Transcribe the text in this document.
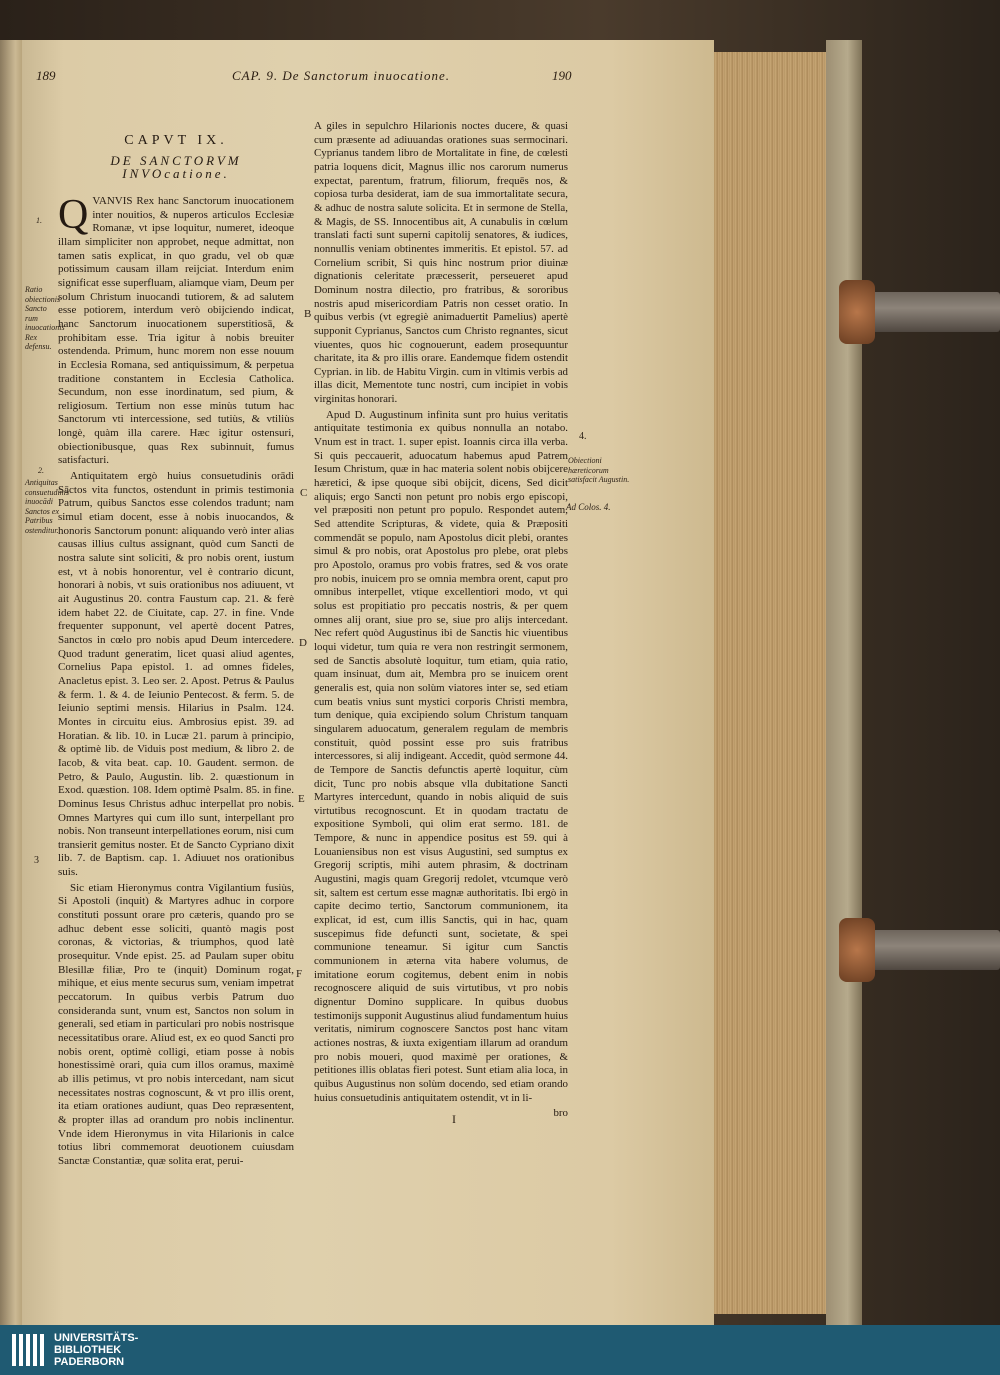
189	CAP. 9. De Sanctorum inuocatione.	190
CAPVT IX.
DE SANCTORVM INVOcatione.

QVANVIS Rex hanc Sanctorum inuocationem inter nouitios, & nuperos articulos Ecclesiæ Romanæ, vt ipse loquitur, numeret, ideoque illam simpliciter non approbet, neque admittat, non tamen satis explicat, in quo gradu, vel ob quæ potissimum causam illam reijciat. Interdum enim significat esse superfluam, aliamque viam, Deum per solum Christum inuocandi tutiorem, & ad salutem esse potiorem, interdum verò obijciendo indicat, hanc Sanctorum inuocationem superstitiosā, & prohibitam esse. Tria igitur à nobis breuiter ostendenda. Primum, hunc morem non esse nouum in Ecclesia Romana, sed antiquissimum, & perpetua traditione constantem in Ecclesia Catholica. Secundum, non esse inordinatum, sed pium, & religiosum. Tertium non esse minùs tutum hac Sanctorum vti intercessione, sed tutiùs, & vtiliùs longè, quàm illa carere. Hæc igitur ostensuri, obiectionibusque, quas Rex subinnuit, fumus satisfacturi.

Antiquitatem ergò huius consuetudinis orādi Sāctos vita functos, ostendunt in primis testimonia Patrum, quibus Sanctos esse colendos tradunt; nam simul etiam docent, esse à nobis inuocandos, & honoris Sanctorum ponunt: aliquando verò inter alias causas illius cultus assignant, quòd cum Sancti de nostra salute sint soliciti, & pro nobis orent, iustum est, vt à nobis honorentur, vel è contrario dicunt, honorari à nobis, vt suis orationibus nos adiuuent, vt ait Augustinus 20. contra Faustum cap. 21. & ferè idem habet 22. de Ciuitate, cap. 27. in fine. Vnde frequenter supponunt, vel apertè docent Patres, Sanctos in cœlo pro nobis apud Deum intercedere. Quod tradunt generatim, licet quasi aliud agentes, Cornelius Papa epistol. 1. ad omnes fideles, Anacletus epist. 3. Leo ser. 2. Apost. Petrus & Paulus & ferm. 1. & 4. de Ieiunio Pentecost. & ferm. 5. de Ieiunio septimi mensis. Hilarius in Psalm. 124. Montes in circuitu eius. Ambrosius epist. 39. ad Horatian. & lib. 10. in Lucæ 21. parum à principio, & optimè lib. de Viduis post medium, & libro 2. de Iacob, & vita beat. cap. 10. Gaudent. sermon. de Petro, & Paulo, Augustin. lib. 2. quæstionum in Exod. quæstion. 108. Idem optimè Psalm. 85. in fine. Dominus Iesus Christus adhuc interpellat pro nobis. Omnes Martyres qui cum illo sunt, interpellant pro nobis. Non transeunt interpellationes eorum, nisi cum transierit gemitus noster. Et de Sancto Cypriano dixit lib. 7. de Baptism. cap. 1. Adiuuet nos orationibus suis.

Sic etiam Hieronymus contra Vigilantium fusiùs, Si Apostoli (inquit) & Martyres adhuc in corpore constituti possunt orare pro cæteris, quando pro se adhuc debent esse soliciti, quantò magis post coronas, & victorias, & triumphos, quod latè prosequitur. Vnde epist. 25. ad Paulam super obitu Blesillæ filiæ, Pro te (inquit) Dominum rogat, mihique, et eius mente securus sum, veniam impetrat peccatorum. In quibus verbis Patrum duo consideranda sunt, vnum est, Sanctos non solum in generali, sed etiam in particulari pro nobis nostrisque necessitatibus orare. Aliud est, ex eo quod Sancti pro nobis orent, optimè colligi, etiam posse à nobis honestissimè orari, quia cum illos oramus, maximè ab illis petimus, vt pro nobis intercedant, nam sicut necessitates nostras cognoscunt, & vt pro illis orent, ita etiam orationes audiunt, quas Deo repræsentent, & propter illas ad orandum pro nobis inclinentur. Vnde idem Hieronymus in vita Hilarionis in calce totius libri commemorat deuotionem cuiusdam Sanctæ Constantiæ, quæ solita erat, perui-

1.
Ratio obiectionis Sancto rum inuocationis Rex defensu.
2.
Antiquitas consuetudinis inuocādi Sanctos ex Patribus ostenditur.
3
B
C
D
E
F

A giles in sepulchro Hilarionis noctes ducere, & quasi cum præsente ad adiuuandas orationes suas sermocinari. Cyprianus tandem libro de Mortalitate in fine, de cœlesti patria loquens dicit, Magnus illic nos carorum numerus expectat, parentum, fratrum, filiorum, frequēs nos, & copiosa turba desiderat, iam de sua immortalitate secura, & adhuc de nostra salute solicita. Et in sermone de Stella, & Magis, de SS. Innocentibus ait, A cunabulis in cœlum translati facti sunt superni capitolij senatores, & iudices, nonnullis veniam obtinentes immeritis. Et epistol. 57. ad Cornelium scribit, Si quis hinc nostrum prior diuinæ dignationis celeritate præcesserit, perseueret apud Dominum nostra dilectio, pro fratribus, & sororibus nostris apud misericordiam Patris non cesset oratio. In quibus verbis (vt egregiè animaduertit Pamelius) apertè supponit Cyprianus, Sanctos cum Christo regnantes, sicut viuentes, quos hic cognouerunt, eadem prosequuntur charitate, ita & pro illis orare. Eandemque fidem ostendit Cyprian. in lib. de Habitu Virgin. cum in vltimis verbis ad illas dicit, Mementote tunc nostri, cum incipiet in vobis virginitas honorari.

Apud D. Augustinum infinita sunt pro huius veritatis antiquitate testimonia ex quibus nonnulla an notabo. Vnum est in tract. 1. super epist. Ioannis circa illa verba. Si quis peccauerit, aduocatum habemus apud Patrem Iesum Christum, quæ in hac materia solent nobis obijcere hæretici, & ipse quoque sibi obijcit, dicens, Sed dicit aliquis; ergo Sancti non petunt pro nobis ergo episcopi, vel præpositi non petunt pro populo. Respondet autem, Sed attendite Scripturas, & videte, quia & Præpositi commendāt se populo, nam Apostolus dicit plebi, orantes simul & pro nobis, orat Apostolus pro plebe, orat plebs pro Apostolo, oramus pro vobis fratres, sed & vos orate pro nobis, inuicem pro se omnia membra orent, caput pro omnibus interpellet, vtique excellentiori modo, vt qui solus est propitiatio pro peccatis nostris, & per quem omnes alij orant, siue pro se, siue pro alijs intercedant. Nec refert quòd Augustinus ibi de Sanctis hic viuentibus loqui videtur, tum quia re vera non restringit sermonem, sed de Sanctis absolutè loquitur, tum etiam, quia ratio, quam insinuat, dum ait, Membra pro se inuicem orent generalis est, quia non solùm viatores inter se, sed etiam cum beatis vnius sunt mystici corporis Christi membra, tum denique, quia excipiendo solum Christum tanquam singularem aduocatum, generalem regulam de membris constituit, quòd possint esse pro suis fratribus intercessores, si alij indigeant. Accedit, quòd sermone 44. de Tempore de Sanctis defunctis apertè loquitur, cùm dicit, Tunc pro nobis absque vlla dubitatione Sancti Martyres intercedunt, quando in nobis aliquid de suis virtutibus recognoscunt. Et in quodam tractatu de expositione Symboli, qui olim erat sermo. 181. de Tempore, & nunc in appendice positus est 59. qui à Louaniensibus non est visus Augustini, sed sumptus ex Gregorij scriptis, mihi autem phrasim, & doctrinam Augustini, magis quam Gregorij redolet, vtcumque verò sit, saltem est certum esse magnæ authoritatis. Ibi ergò in capite decimo tertio, Sanctorum communionem, ita explicat, id est, cum illis Sanctis, qui in hac, quam suscepimus fide defuncti sunt, societate, & spei communione teneamur. Si igitur cum Sanctis communionem in æterna vita habere volumus, de imitatione eorum cogitemus, debent enim in nobis recognoscere aliquid de suis virtutibus, vt pro nobis dignentur Domino supplicare. In quibus duobus testimonijs supponit Augustinus aliud fundamentum huius veritatis, nimirum cognoscere Sanctos post hanc vitam actiones nostras, & iuxta exigentiam illarum ad orandum pro nobis moueri, quod maximè per orationes, & petitiones illis oblatas fieri potest. Sunt etiam alia loca, in quibus Augustinus non solùm docendo, sed etiam orando huius consuetudinis antiquitatem ostendit, vt in li-

bro
I
4.
Obiectioni hæreticorum satisfacit Augustin.
Ad Colos. 4.
UNIVERSITÄTS-
BIBLIOTHEK
PADERBORN
